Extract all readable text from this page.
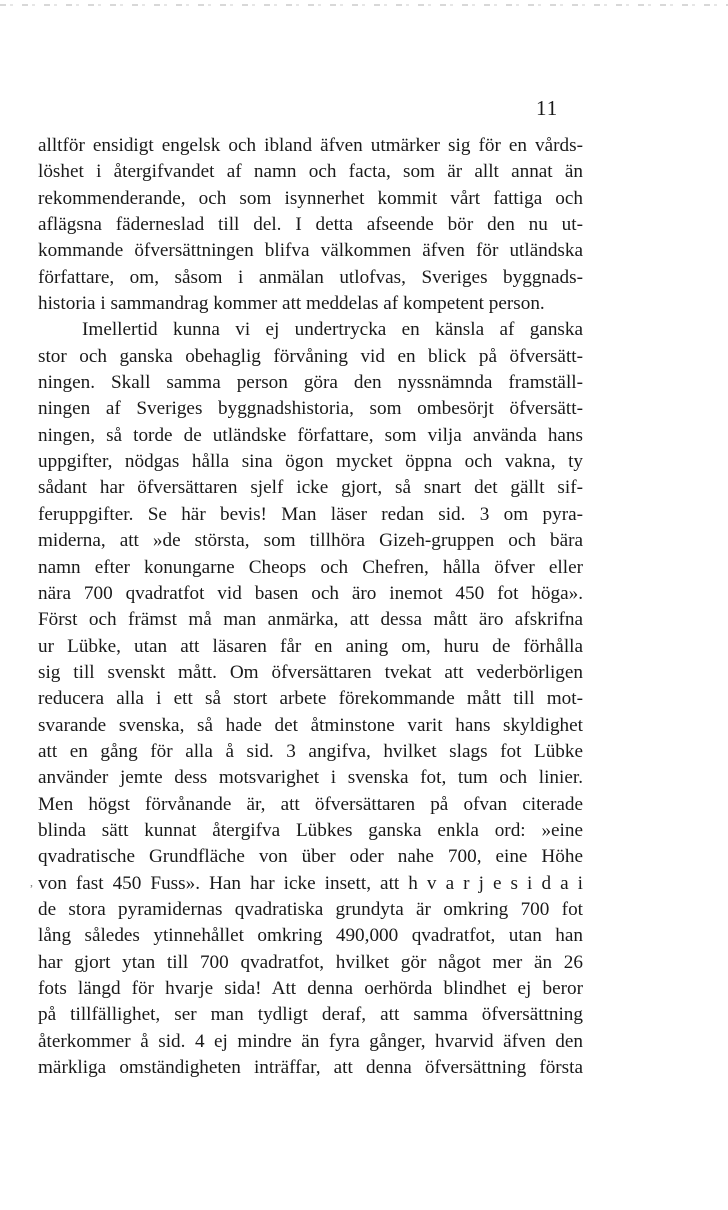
11
alltför ensidigt engelsk och ibland äfven utmärker sig för en vårds-
löshet i återgifvandet af namn och facta, som är allt annat än
rekommenderande, och som isynnerhet kommit vårt fattiga och
aflägsna fäderneslad till del. I detta afseende bör den nu ut-
kommande öfversättningen blifva välkommen äfven för utländska
författare, om, såsom i anmälan utlofvas, Sveriges byggnads-
historia i sammandrag kommer att meddelas af kompetent person.
Imellertid kunna vi ej undertrycka en känsla af ganska
stor och ganska obehaglig förvåning vid en blick på öfversätt-
ningen. Skall samma person göra den nyssnämnda framställ-
ningen af Sveriges byggnadshistoria, som ombesörjt öfversätt-
ningen, så torde de utländske författare, som vilja använda hans
uppgifter, nödgas hålla sina ögon mycket öppna och vakna, ty
sådant har öfversättaren sjelf icke gjort, så snart det gällt sif-
feruppgifter. Se här bevis! Man läser redan sid. 3 om pyra-
miderna, att »de största, som tillhöra Gizeh-gruppen och bära
namn efter konungarne Cheops och Chefren, hålla öfver eller
nära 700 qvadratfot vid basen och äro inemot 450 fot höga».
Först och främst må man anmärka, att dessa mått äro afskrifna
ur Lübke, utan att läsaren får en aning om, huru de förhålla
sig till svenskt mått. Om öfversättaren tvekat att vederbörligen
reducera alla i ett så stort arbete förekommande mått till mot-
svarande svenska, så hade det åtminstone varit hans skyldighet
att en gång för alla å sid. 3 angifva, hvilket slags fot Lübke
använder jemte dess motsvarighet i svenska fot, tum och linier.
Men högst förvånande är, att öfversättaren på ofvan citerade
blinda sätt kunnat återgifva Lübkes ganska enkla ord: »eine
qvadratische Grundfläche von über oder nahe 700, eine Höhe
von fast 450 Fuss». Han har icke insett, att h v a r j e s i d a i
de stora pyramidernas qvadratiska grundyta är omkring 700 fot
lång således ytinnehållet omkring 490,000 qvadratfot, utan han
har gjort ytan till 700 qvadratfot, hvilket gör något mer än 26
fots längd för hvarje sida! Att denna oerhörda blindhet ej beror
på tillfällighet, ser man tydligt deraf, att samma öfversättning
återkommer å sid. 4 ej mindre än fyra gånger, hvarvid äfven den
märkliga omständigheten inträffar, att denna öfversättning första
,
